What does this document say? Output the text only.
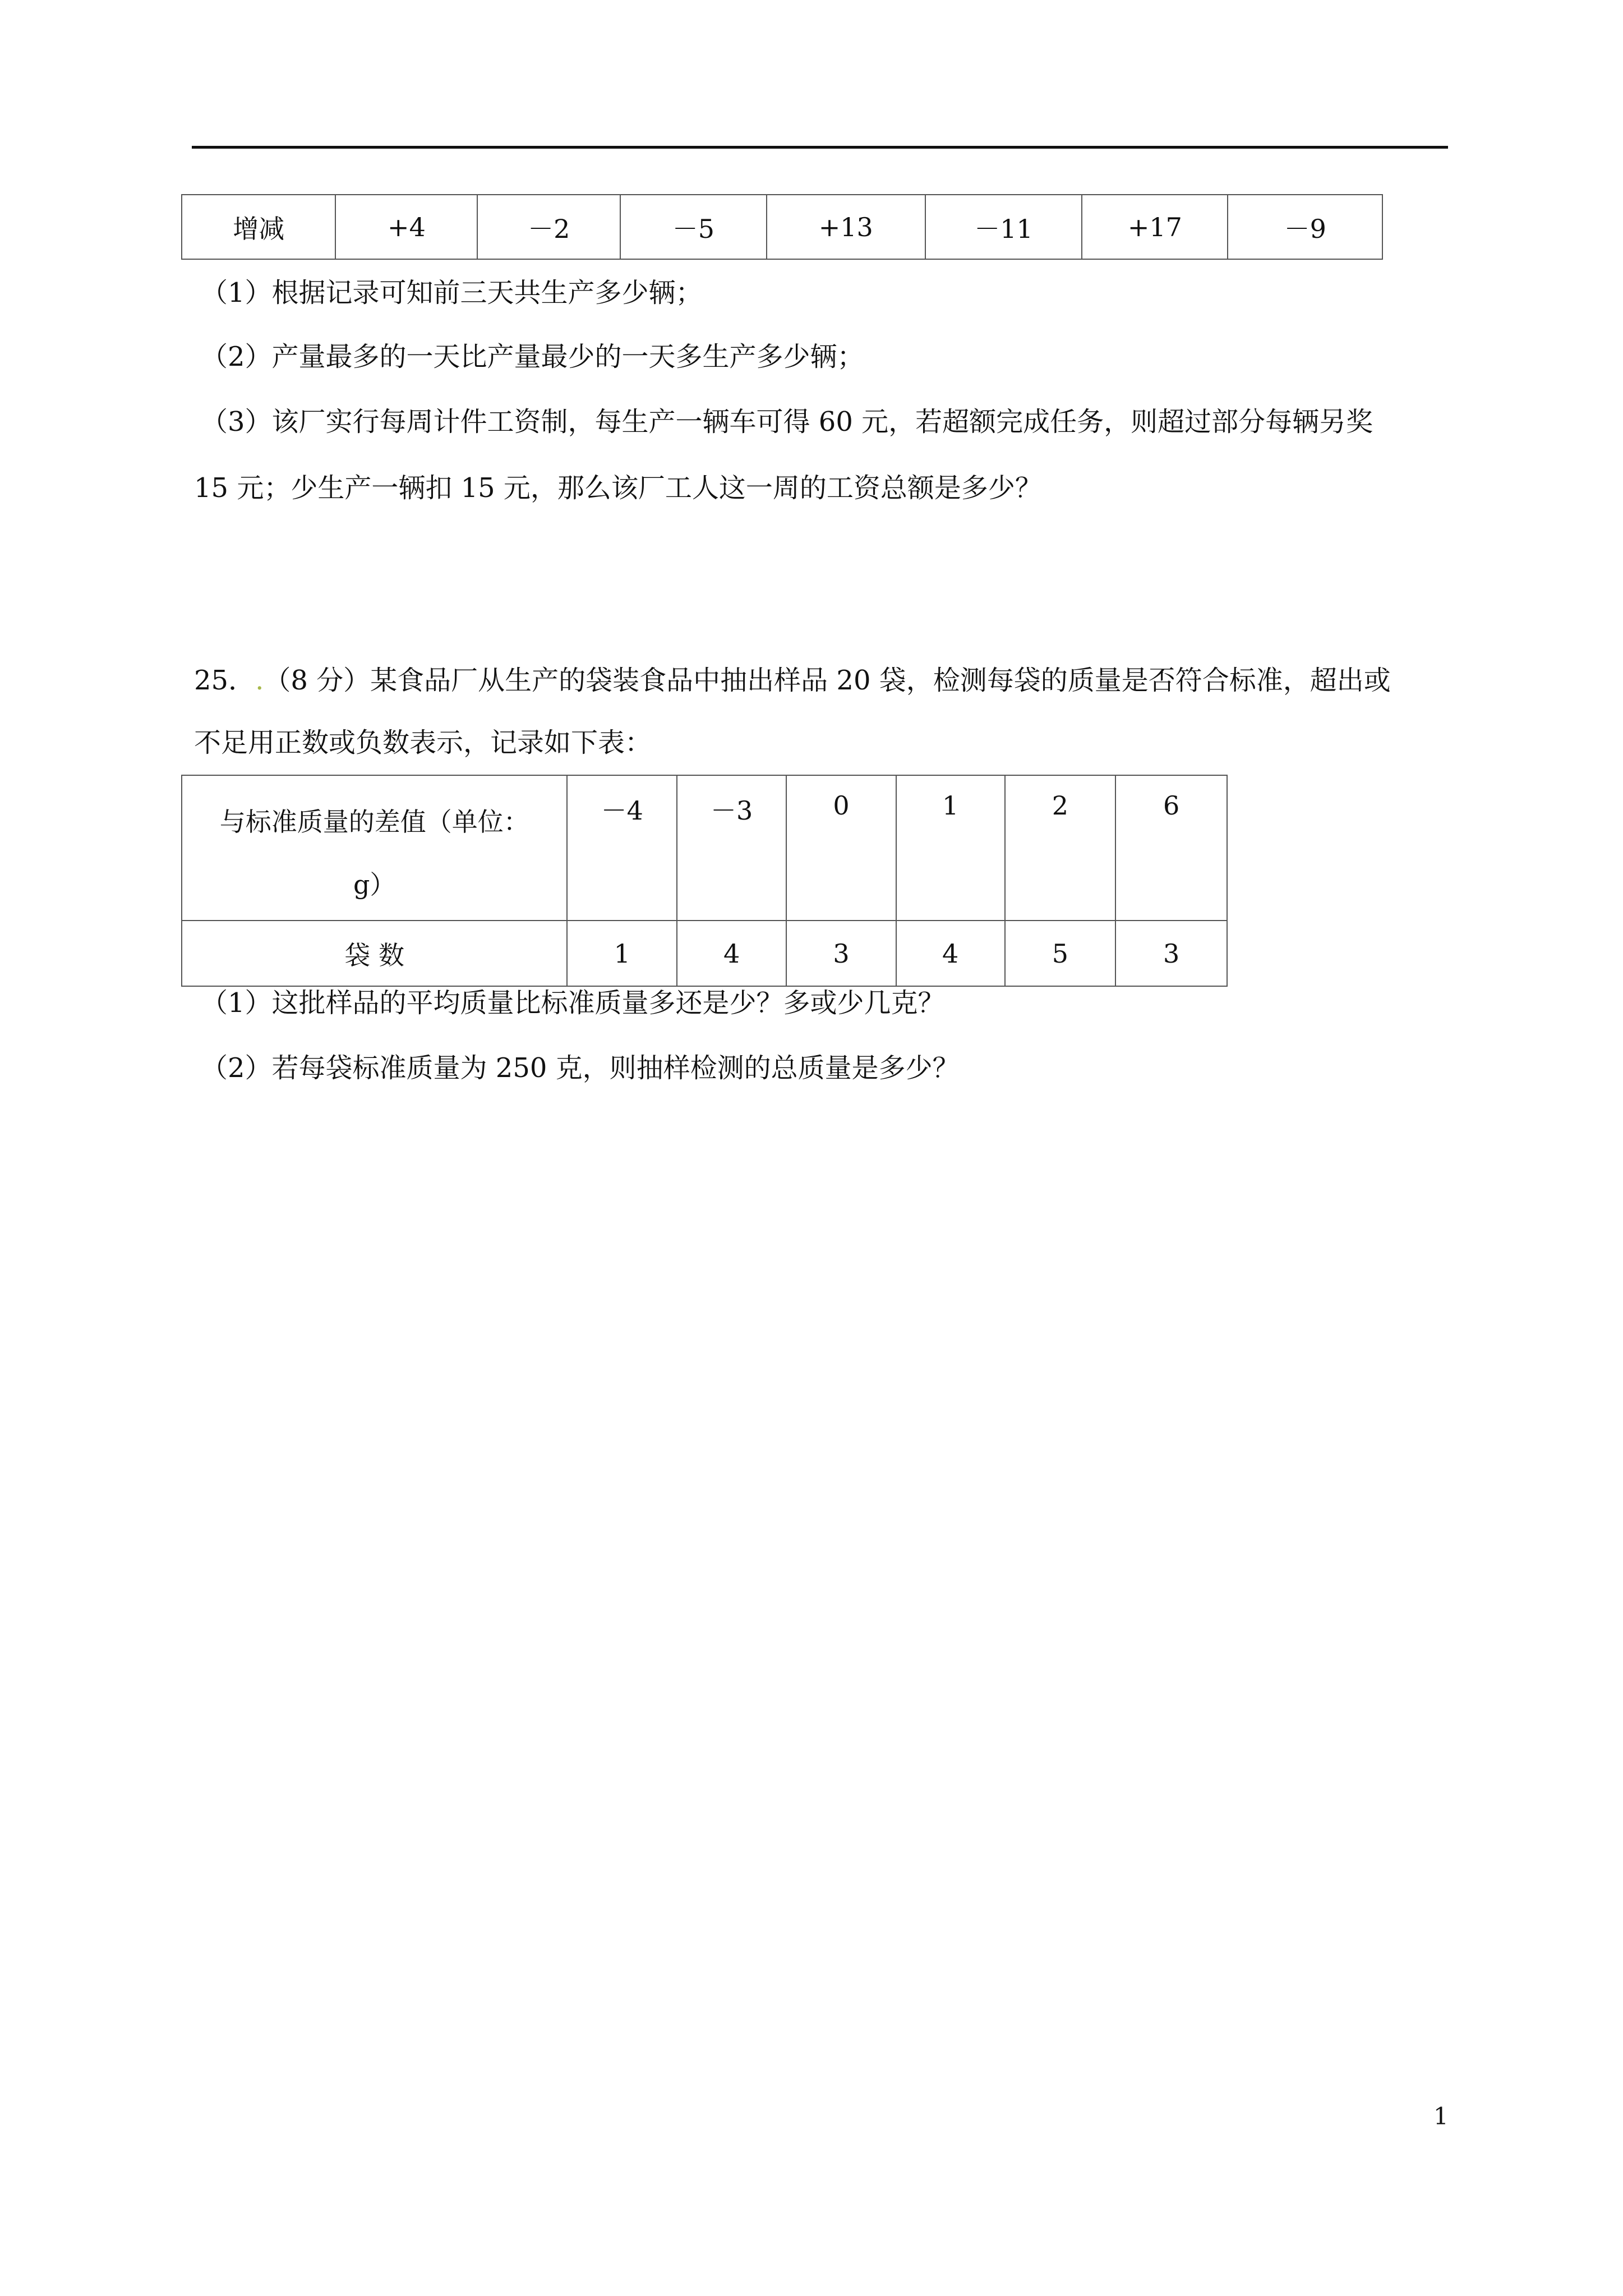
增减	+4	－2	－5	+13	－11	+17	－9
（1）根据记录可知前三天共生产多少辆；
（2）产量最多的一天比产量最少的一天多生产多少辆；
（3）该厂实行每周计件工资制，每生产一辆车可得 60 元，若超额完成任务，则超过部分每辆另奖
15 元；少生产一辆扣 15 元，那么该厂工人这一周的工资总额是多少？
25．.（8 分）某食品厂从生产的袋装食品中抽出样品 20 袋，检测每袋的质量是否符合标准，超出或
不足用正数或负数表示，记录如下表：
与标准质量的差值（单位：
g）	－4	－3	0	1	2	6
袋 数	1	4	3	4	5	3
（1）这批样品的平均质量比标准质量多还是少？多或少几克？
（2）若每袋标准质量为 250 克，则抽样检测的总质量是多少？
1
